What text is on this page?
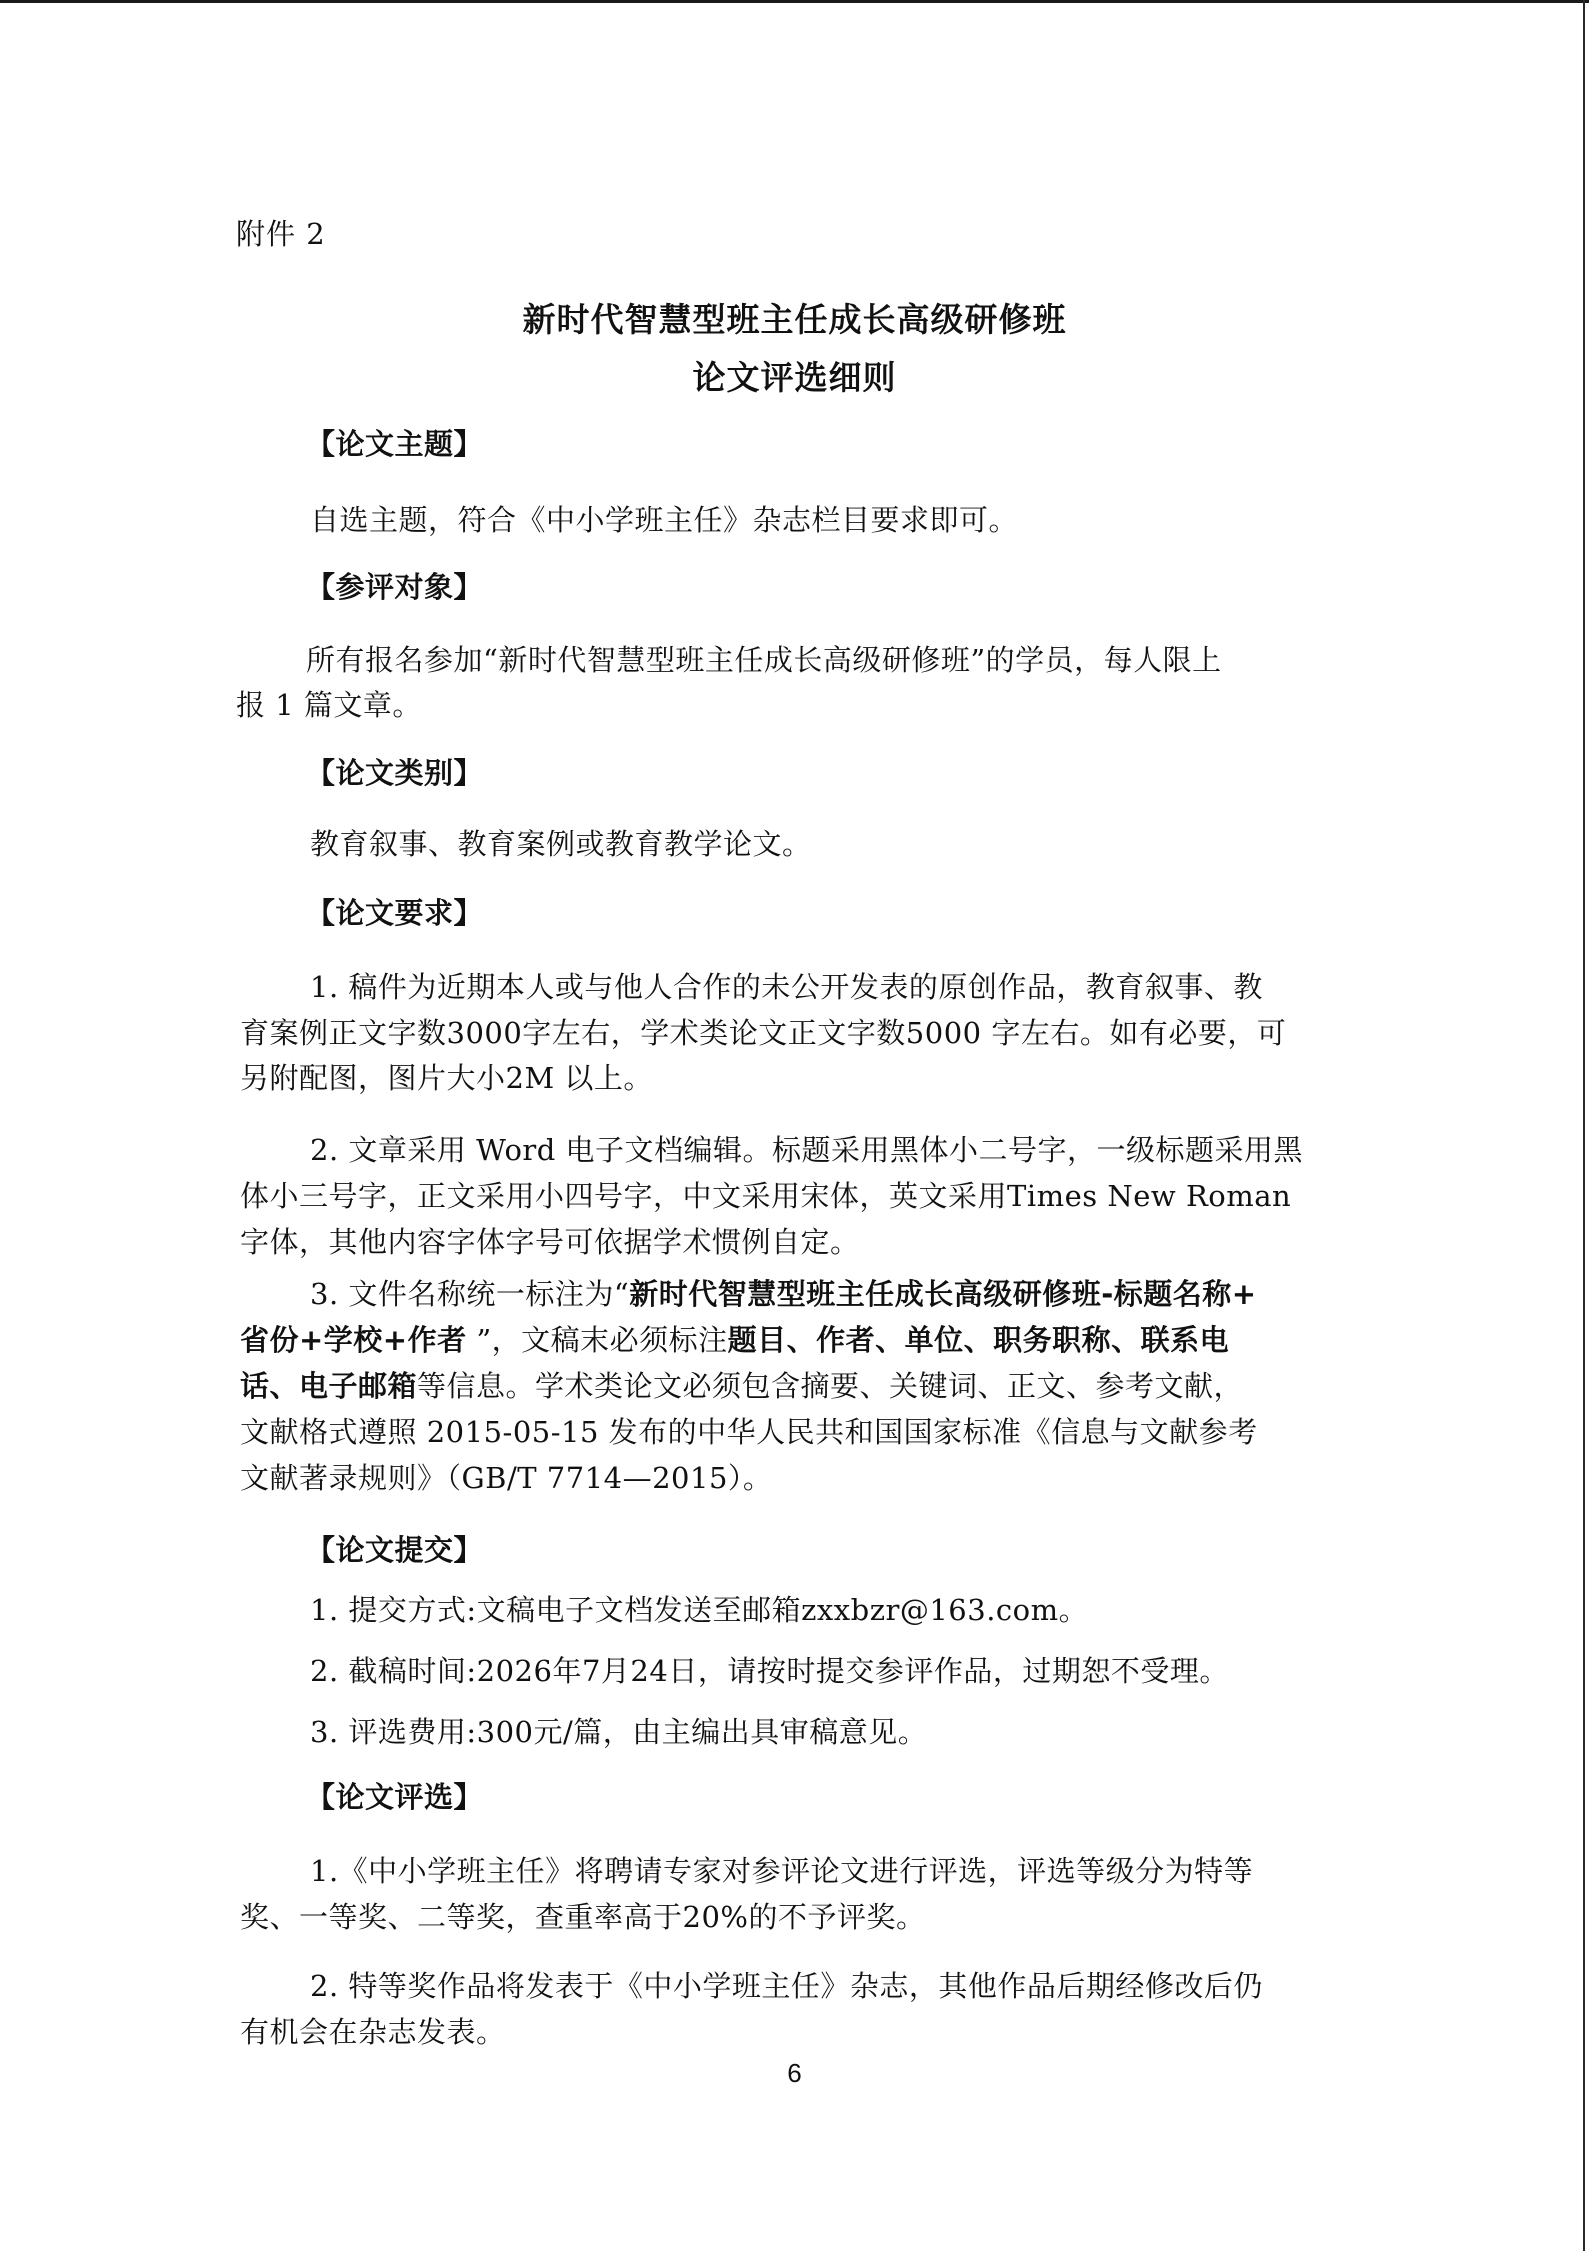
附件 2
新时代智慧型班主任成长高级研修班
论文评选细则
【论文主题】
自选主题，符合《中小学班主任》杂志栏目要求即可。
【参评对象】
所有报名参加“新时代智慧型班主任成长高级研修班”的学员，每人限上
报 1 篇文章。
【论文类别】
教育叙事、教育案例或教育教学论文。
【论文要求】
1. 稿件为近期本人或与他人合作的未公开发表的原创作品，教育叙事、教
育案例正文字数3000字左右，学术类论文正文字数5000 字左右。如有必要，可
另附配图，图片大小2M 以上。
2. 文章采用 Word 电子文档编辑。标题采用黑体小二号字，一级标题采用黑
体小三号字，正文采用小四号字，中文采用宋体，英文采用Times New Roman
字体，其他内容字体字号可依据学术惯例自定。
3. 文件名称统一标注为“新时代智慧型班主任成长高级研修班-标题名称+
省份+学校+作者 ”，文稿末必须标注题目、作者、单位、职务职称、联系电
话、电子邮箱等信息。学术类论文必须包含摘要、关键词、正文、参考文献，
文献格式遵照 2015-05-15 发布的中华人民共和国国家标准《信息与文献参考
文献著录规则》（GB/T 7714—2015）。
【论文提交】
1. 提交方式:文稿电子文档发送至邮箱zxxbzr@163.com。
2. 截稿时间:2026年7月24日，请按时提交参评作品，过期恕不受理。
3. 评选费用:300元/篇，由主编出具审稿意见。
【论文评选】
1.《中小学班主任》将聘请专家对参评论文进行评选，评选等级分为特等
奖、一等奖、二等奖，查重率高于20%的不予评奖。
2. 特等奖作品将发表于《中小学班主任》杂志，其他作品后期经修改后仍
有机会在杂志发表。
6
